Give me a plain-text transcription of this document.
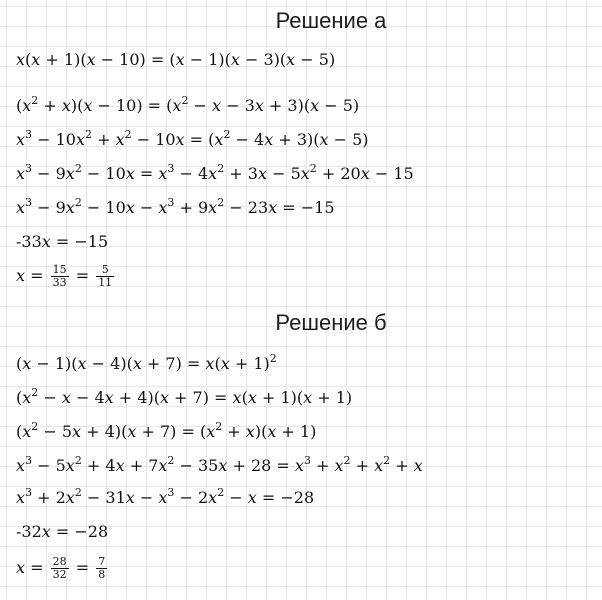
Решение а
x(x + 1)(x − 10) = (x − 1)(x − 3)(x − 5)
$(x^2 + x)(x - 10) = (x^2 - x - 3x + 3)(x - 5)$
$x^3 - 10x^2 + x^2 - 10x = (x^2 - 4x + 3)(x - 5)$
$x^3 - 9x^2 - 10x = x^3 - 4x^2 + 3x - 5x^2 + 20x - 15$
$x^3 - 9x^2 - 10x - x^3 + 9x^2 - 23x = -15$
-33x = −15
$x = \frac{15}{33} = \frac{5}{11}$
Решение б
$(x - 1)(x - 4)(x + 7) = x(x + 1)^2$
$(x^2 - x - 4x + 4)(x + 7) = x(x + 1)(x + 1)$
$(x^2 - 5x + 4)(x + 7) = (x^2 + x)(x + 1)$
$x^3 - 5x^2 + 4x + 7x^2 - 35x + 28 = x^3 + x^2 + x^2 + x$
$x^3 + 2x^2 - 31x - x^3 - 2x^2 - x = -28$
-32x = −28
$x = \frac{28}{32} = \frac{7}{8}$
